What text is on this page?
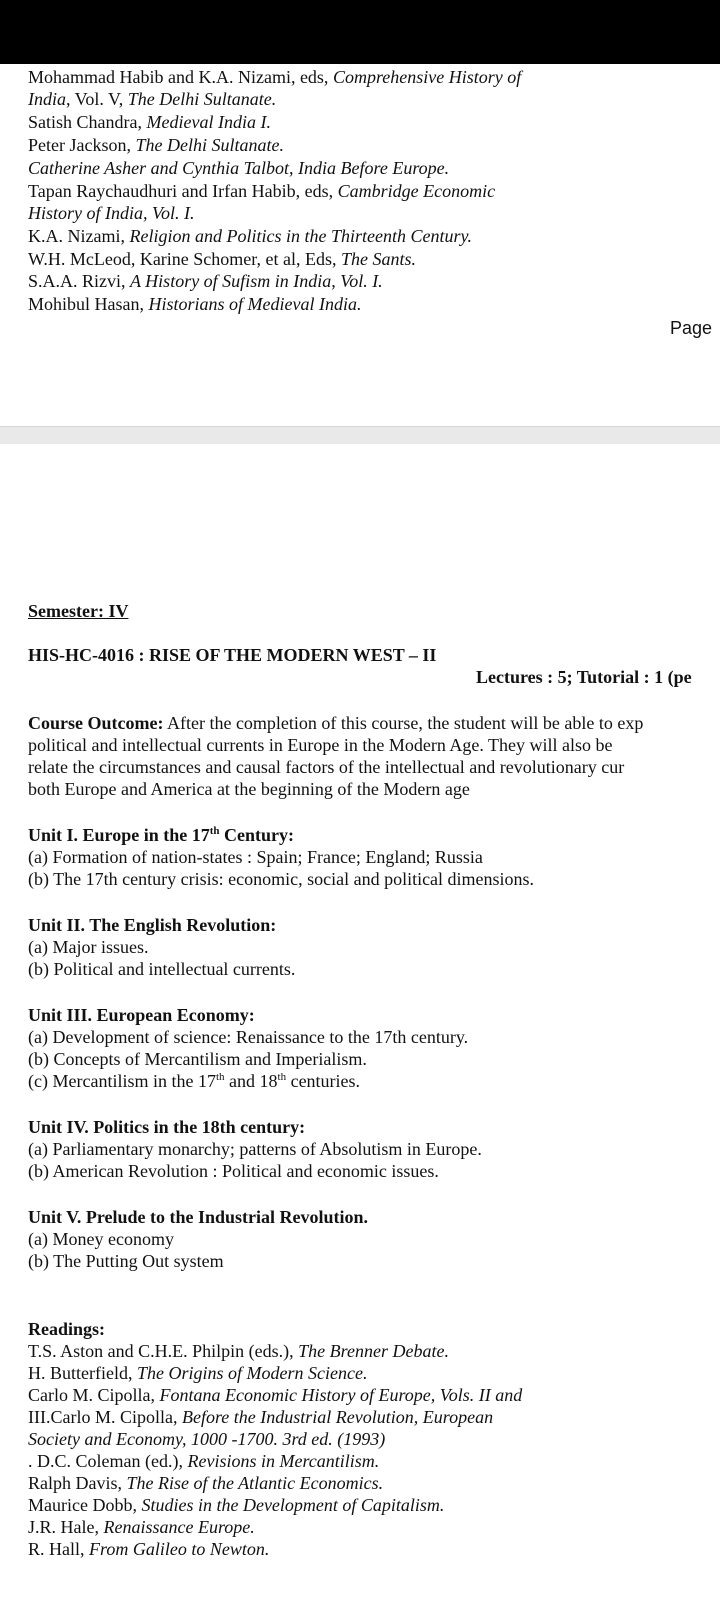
Mohammad Habib and K.A. Nizami, eds, Comprehensive History of
India, Vol. V, The Delhi Sultanate.
Satish Chandra, Medieval India I.
Peter Jackson, The Delhi Sultanate.
Catherine Asher and Cynthia Talbot, India Before Europe.
Tapan Raychaudhuri and Irfan Habib, eds, Cambridge Economic
History of India, Vol. I.
K.A. Nizami, Religion and Politics in the Thirteenth Century.
W.H. McLeod, Karine Schomer, et al, Eds, The Sants.
S.A.A. Rizvi, A History of Sufism in India, Vol. I.
Mohibul Hasan, Historians of Medieval India.
Page
Semester: IV
HIS-HC-4016 : RISE OF THE MODERN WEST – II
Lectures : 5; Tutorial : 1 (pe
Course Outcome: After the completion of this course, the student will be able to exp
political and intellectual currents in Europe in the Modern Age. They will also be
relate the circumstances and causal factors of the intellectual and revolutionary cur
both Europe and America at the beginning of the Modern age
Unit I. Europe in the 17th Century:
(a) Formation of nation-states : Spain; France; England; Russia
(b) The 17th century crisis: economic, social and political dimensions.
Unit II. The English Revolution:
(a) Major issues.
(b) Political and intellectual currents.
Unit III. European Economy:
(a) Development of science: Renaissance to the 17th century.
(b) Concepts of Mercantilism and Imperialism.
(c) Mercantilism in the 17th and 18th centuries.
Unit IV. Politics in the 18th century:
(a) Parliamentary monarchy; patterns of Absolutism in Europe.
(b) American Revolution : Political and economic issues.
Unit V. Prelude to the Industrial Revolution.
(a) Money economy
(b) The Putting Out system
Readings:
T.S. Aston and C.H.E. Philpin (eds.), The Brenner Debate.
H. Butterfield, The Origins of Modern Science.
Carlo M. Cipolla, Fontana Economic History of Europe, Vols. II and
III.Carlo M. Cipolla, Before the Industrial Revolution, European
Society and Economy, 1000 -1700. 3rd ed. (1993)
. D.C. Coleman (ed.), Revisions in Mercantilism.
Ralph Davis, The Rise of the Atlantic Economics.
Maurice Dobb, Studies in the Development of Capitalism.
J.R. Hale, Renaissance Europe.
R. Hall, From Galileo to Newton.
